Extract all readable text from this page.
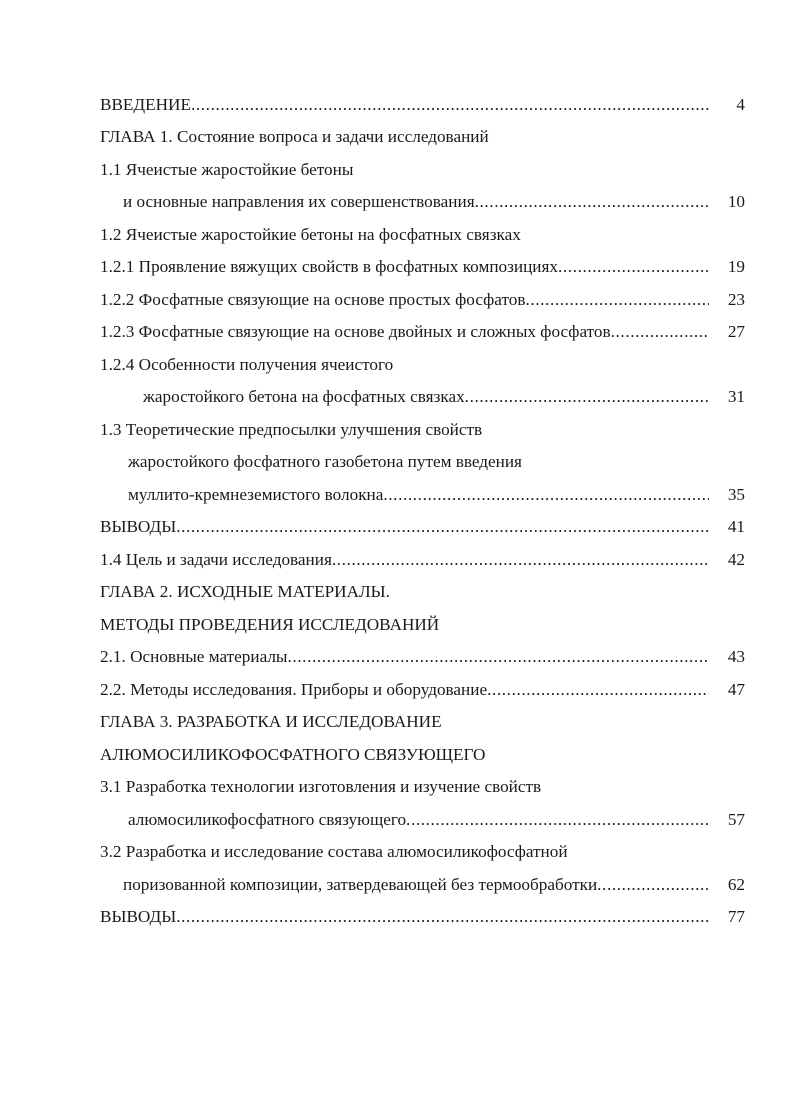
ВВЕДЕНИЕ .....	4
ГЛАВА 1. Состояние вопроса и задачи исследований
1.1 Ячеистые жаростойкие бетоны
и основные направления их совершенствования .....	10
1.2 Ячеистые жаростойкие бетоны на фосфатных связках
1.2.1 Проявление вяжущих свойств в фосфатных композициях .....	19
1.2.2 Фосфатные связующие на основе простых фосфатов .....	23
1.2.3 Фосфатные связующие на основе двойных и сложных фосфатов .....	27
1.2.4 Особенности получения ячеистого
жаростойкого бетона на фосфатных связках .....	31
1.3 Теоретические предпосылки улучшения свойств
жаростойкого фосфатного газобетона путем введения
муллито-кремнеземистого волокна .....	35
ВЫВОДЫ .....	41
1.4 Цель и задачи исследования .....	42
ГЛАВА 2. ИСХОДНЫЕ МАТЕРИАЛЫ.
МЕТОДЫ ПРОВЕДЕНИЯ ИССЛЕДОВАНИЙ
2.1. Основные материалы .....	43
2.2. Методы исследования. Приборы и оборудование .....	47
ГЛАВА 3. РАЗРАБОТКА И ИССЛЕДОВАНИЕ
АЛЮМОСИЛИКОФОСФАТНОГО СВЯЗУЮЩЕГО
3.1 Разработка технологии изготовления и изучение свойств
алюмосиликофосфатного связующего .....	57
3.2 Разработка и исследование состава алюмосиликофосфатной
поризованной композиции, затвердевающей без термообработки .....	62
ВЫВОДЫ .....	77
